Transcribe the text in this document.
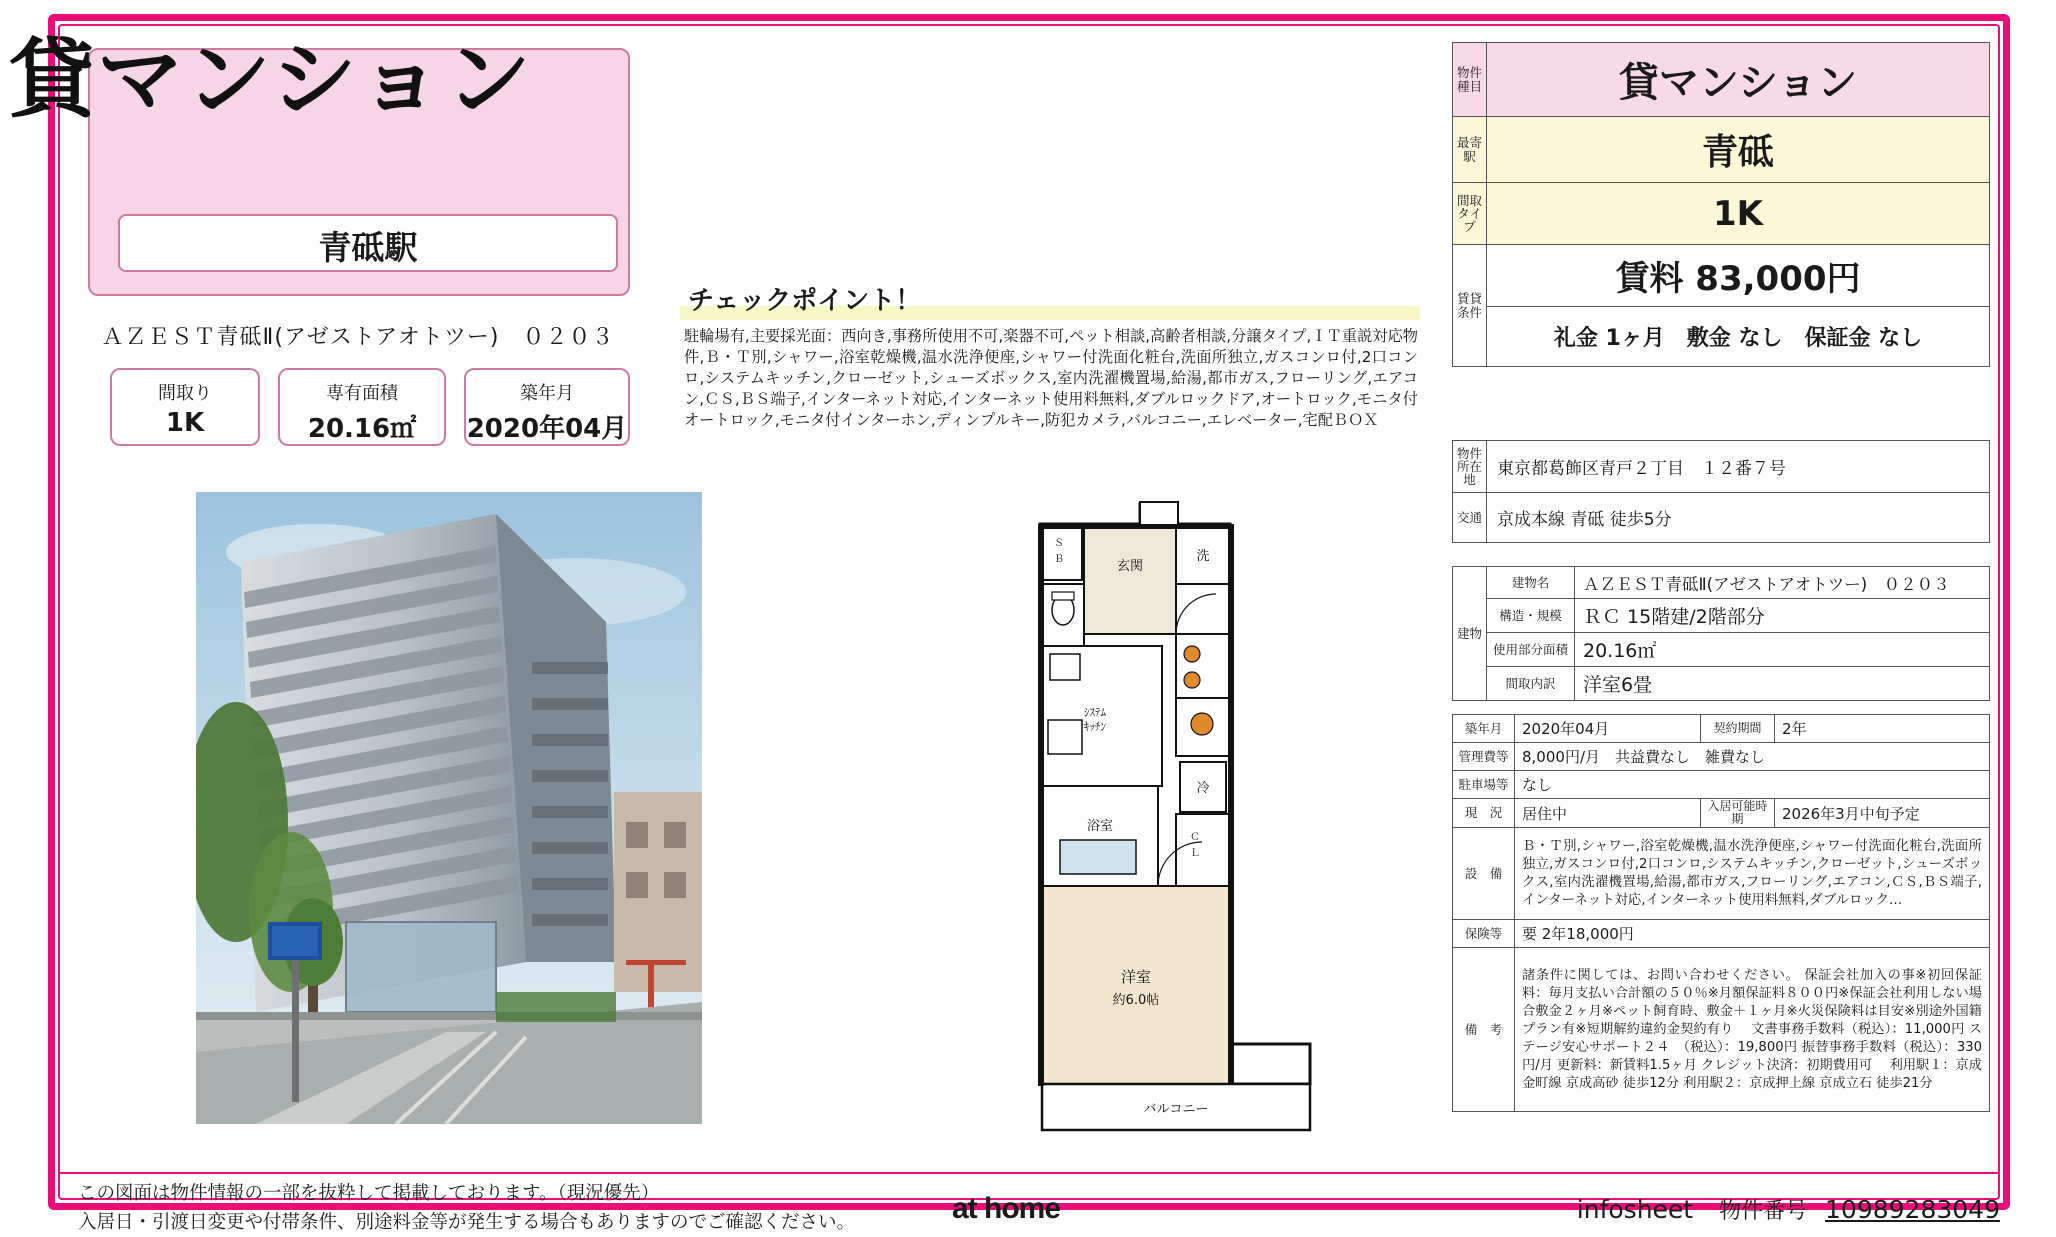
貸マンション
青砥駅
ＡＺＥＳＴ青砥Ⅱ(アゼストアオトツー)　０２０３
間取り
1K
専有面積
20.16㎡
築年月
2020年04月
チェックポイント！
駐輪場有,主要採光面：西向き,事務所使用不可,楽器不可,ペット相談,高齢者相談,分譲タイプ,ＩＴ重説対応物件,Ｂ・Ｔ別,シャワー,浴室乾燥機,温水洗浄便座,シャワー付洗面化粧台,洗面所独立,ガスコンロ付,2口コンロ,システムキッチン,クローゼット,シューズボックス,室内洗濯機置場,給湯,都市ガス,フローリング,エアコン,ＣＳ,ＢＳ端子,インターネット対応,インターネット使用料無料,ダブルロックドア,オートロック,モニタ付オートロック,モニタ付インターホン,ディンプルキー,防犯カメラ,バルコニー,エレベーター,宅配ＢＯＸ
洗
玄関
Ｓ
Ｂ
ｼｽﾃﾑ
ｷｯﾁﾝ
冷
浴室
Ｃ
Ｌ
洋室
約6.0帖
バルコニー
物件種目	貸マンション

最寄駅	青砥

間取タイプ	1K

賃貸条件	賃料 83,000円
	礼金 1ヶ月　敷金 なし　保証金 なし
物件所在地	東京都葛飾区青戸２丁目　１２番７号

交通	京成本線 青砥 徒歩5分
建物	建物名	ＡＺＥＳＴ青砥Ⅱ(アゼストアオトツー)　０２０３
	構造・規模	ＲＣ 15階建/2階部分
	使用部分面積	20.16㎡
	間取内訳	洋室6畳
築年月	2020年04月	契約期間	2年
管理費等	8,000円/月　共益費なし　雑費なし		
駐車場等	なし		
現　況	居住中	入居可能時期	2026年3月中旬予定
設　備	Ｂ・Ｔ別,シャワー,浴室乾燥機,温水洗浄便座,シャワー付洗面化粧台,洗面所独立,ガスコンロ付,2口コンロ,システムキッチン,クローゼット,シューズボックス,室内洗濯機置場,給湯,都市ガス,フローリング,エアコン,ＣＳ,ＢＳ端子,インターネット対応,インターネット使用料無料,ダブルロック…		
保険等	要 2年18,000円		
備　考	諸条件に関しては、お問い合わせください。 保証会社加入の事※初回保証料：毎月支払い合計額の５０％※月額保証料８００円※保証会社利用しない場合敷金２ヶ月※ペット飼育時、敷金＋１ヶ月※火災保険料は目安※別途外国籍プラン有※短期解約違約金契約有り 　文書事務手数料（税込）：11,000円 ステージ安心サポート２４　（税込）：19,800円 振替事務手数料（税込）：330円/月 更新料：新賃料1.5ヶ月 クレジット決済：初期費用可 　利用駅１：京成金町線 京成高砂 徒歩12分 利用駅２：京成押上線 京成立石 徒歩21分		
この図面は物件情報の一部を抜粋して掲載しております。（現況優先）
入居日・引渡日変更や付帯条件、別途料金等が発生する場合もありますのでご確認ください。	at home	infosheet 物件番号 10989283049
